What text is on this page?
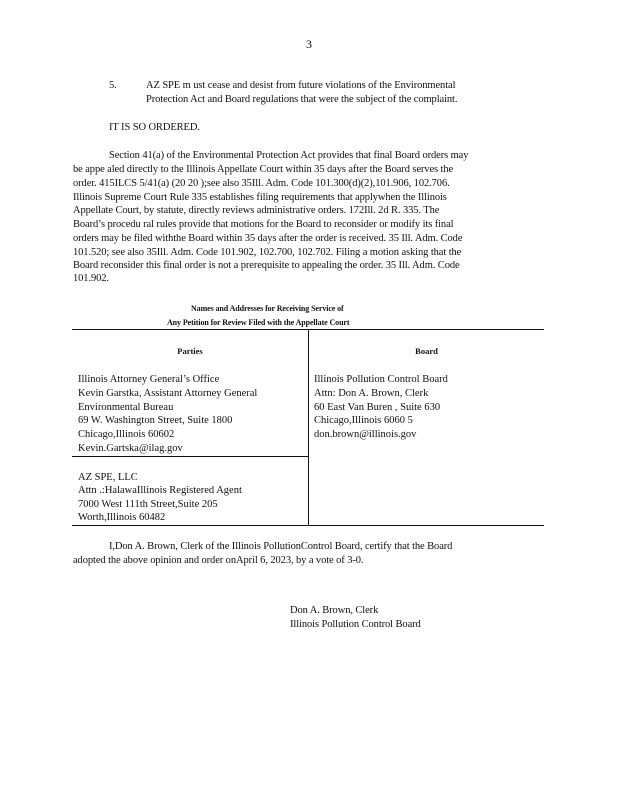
3
5.	AZ SPE m ust cease and desist from future violations of the Environmental
Protection Act and Board regulations that were the subject of the complaint.
IT IS SO ORDERED.
Section 41(a) of the Environmental Protection Act provides that final Board orders may
be appe aled directly to the Illinois Appellate Court within 35 days after the Board serves the
order. 415ILCS 5/41(a) (20 20 );see also 35Ill. Adm. Code 101.300(d)(2),101.906, 102.706.
Illinois Supreme Court Rule 335 establishes filing requirements that applywhen the Illinois
Appellate Court, by statute, directly reviews administrative orders. 172Ill. 2d R. 335. The
Board’s procedu ral rules provide that motions for the Board to reconsider or modify its final
orders may be filed withthe Board within 35 days after the order is received. 35 Ill. Adm. Code
101.520; see also 35Ill. Adm. Code 101.902, 102.700, 102.702. Filing a motion asking that the
Board reconsider this final order is not a prerequisite to appealing the order. 35 Ill. Adm. Code
101.902.
Names and Addresses for Receiving Service of
Any Petition for Review Filed with the Appellate Court
Parties	Board
Illinois Attorney General’s Office
Kevin Garstka, Assistant Attorney General
Environmental Bureau
69 W. Washington Street, Suite 1800
Chicago,Illinois 60602
Kevin.Gartska@ilag.gov
AZ SPE, LLC
Attn .:HalawaIllinois Registered Agent
7000 West 111th Street,Suite 205
Worth,Illinois 60482
Illinois Pollution Control Board
Attn: Don A. Brown, Clerk
60 East Van Buren , Suite 630
Chicago,Illinois 6060 5
don.brown@illinois.gov
I,Don A. Brown, Clerk of the Illinois PollutionControl Board, certify that the Board
adopted the above opinion and order onApril 6, 2023, by a vote of 3-0.
Don A. Brown, Clerk
Illinois Pollution Control Board
